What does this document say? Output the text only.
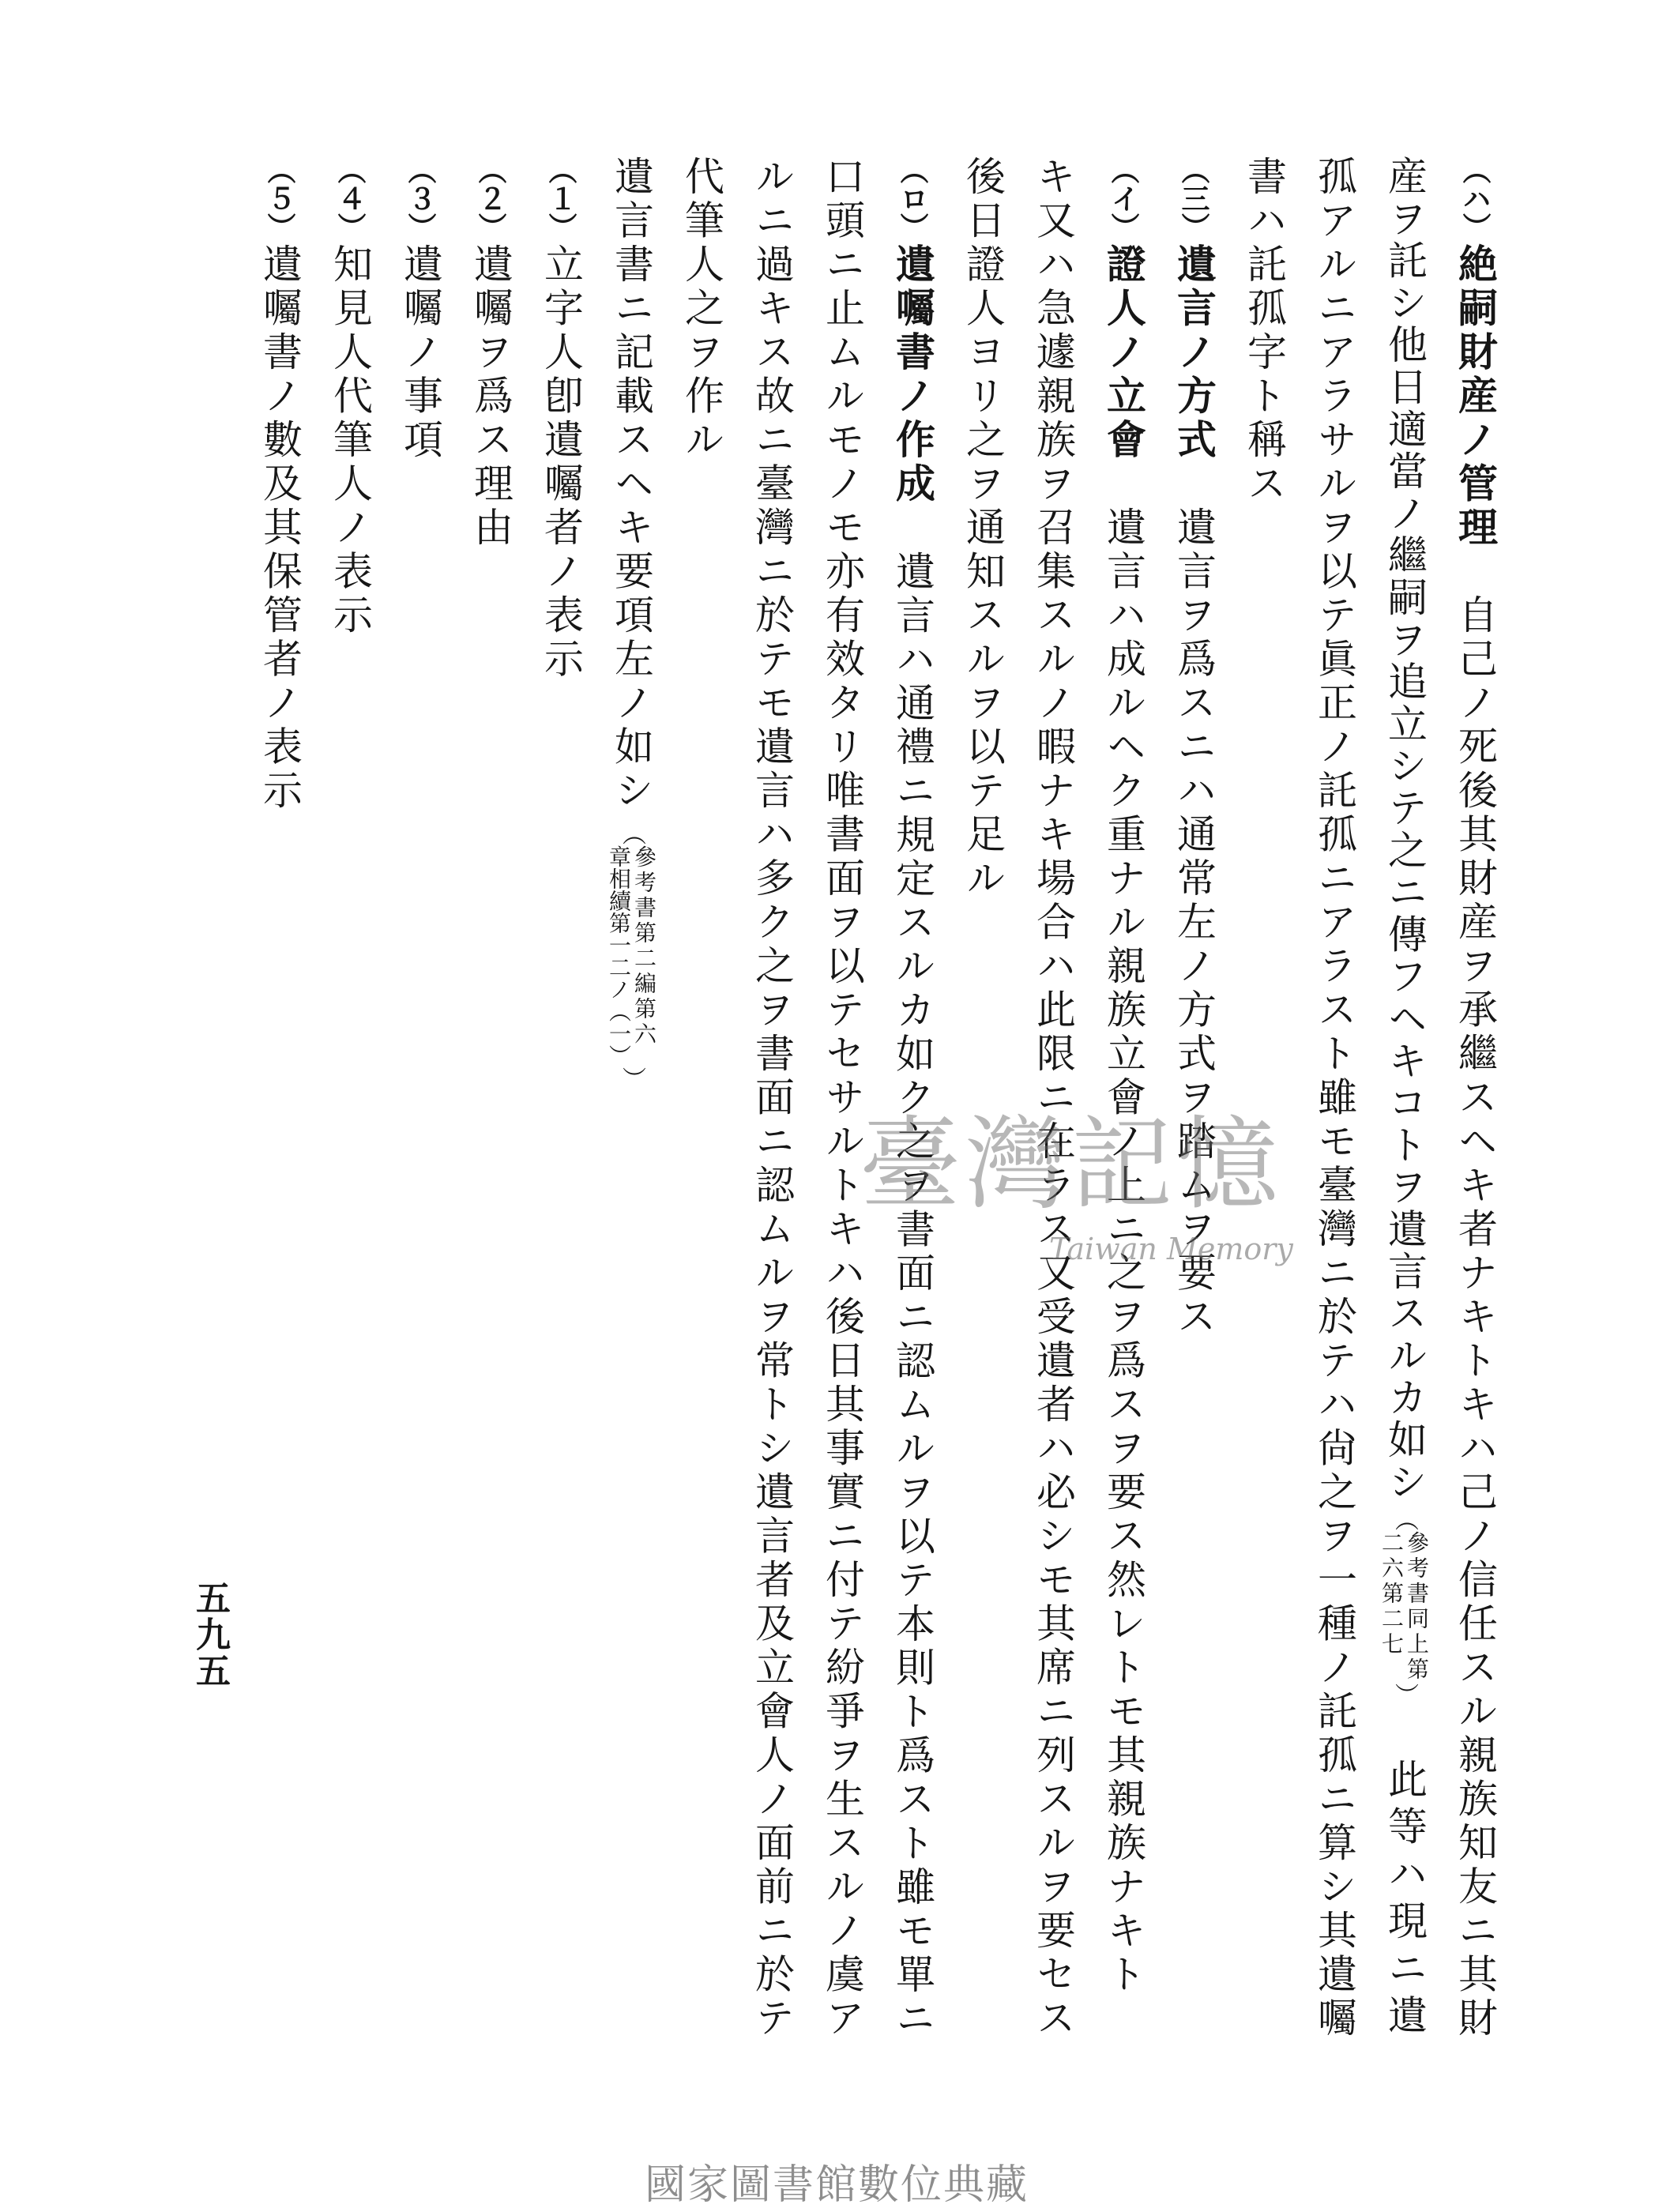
（ハ）
絶嗣財産ノ管理
自己ノ死後其財産ヲ承繼スヘキ者ナキトキハ己ノ信任スル親族知友ニ其財
産ヲ託シ他日適當ノ繼嗣ヲ追立シテ之ニ傳フヘキコトヲ遺言スルカ如シ
（
參考書同上第
二六第二七
）
此等ハ現ニ遺
孤アルニアラサルヲ以テ眞正ノ託孤ニアラスト雖モ臺灣ニ於テハ尙之ヲ一種ノ託孤ニ算シ其遺囑
書ハ託孤字ト稱ス
（三）
遺言ノ方式
遺言ヲ爲スニハ通常左ノ方式ヲ踏ムヲ要ス
（イ）
證人ノ立會
遺言ハ成ルヘク重ナル親族立會ノ上ニ之ヲ爲スヲ要ス然レトモ其親族ナキト
キ又ハ急遽親族ヲ召集スルノ暇ナキ場合ハ此限ニ在ラス又受遺者ハ必シモ其席ニ列スルヲ要セス
後日證人ヨリ之ヲ通知スルヲ以テ足ル
（ロ）
遺囑書ノ作成
遺言ハ通禮ニ規定スルカ如ク之ヲ書面ニ認ムルヲ以テ本則ト爲スト雖モ單ニ
口頭ニ止ムルモノモ亦有效タリ唯書面ヲ以テセサルトキハ後日其事實ニ付テ紛爭ヲ生スルノ虞ア
ルニ過キス故ニ臺灣ニ於テモ遺言ハ多ク之ヲ書面ニ認ムルヲ常トシ遺言者及立會人ノ面前ニ於テ
代筆人之ヲ作ル
遺言書ニ記載スヘキ要項左ノ如シ
（
參考書第二編第六
章相續第一二ノ（一）
）
（１）
立字人卽遺囑者ノ表示
（２）
遺囑ヲ爲ス理由
（３）
遺囑ノ事項
（４）
知見人代筆人ノ表示
（５）
遺囑書ノ數及其保管者ノ表示
五九五
臺灣記憶
Taiwan Memory
國家圖書館數位典藏
